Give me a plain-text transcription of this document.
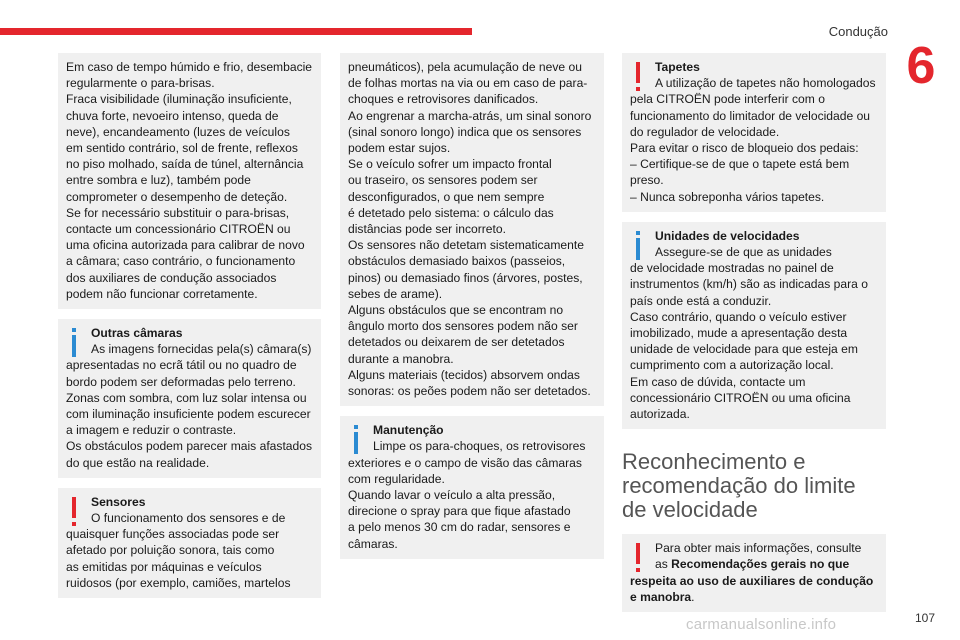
Condução
6
Em caso de tempo húmido e frio, desembacie
regularmente o para-brisas.
Fraca visibilidade (iluminação insuficiente,
chuva forte, nevoeiro intenso, queda de
neve), encandeamento (luzes de veículos
em sentido contrário, sol de frente, reflexos
no piso molhado, saída de túnel, alternância
entre sombra e luz), também pode
comprometer o desempenho de deteção.
Se for necessário substituir o para-brisas,
contacte um concessionário CITROËN ou
uma oficina autorizada para calibrar de novo
a câmara; caso contrário, o funcionamento
dos auxiliares de condução associados
podem não funcionar corretamente.
Outras câmaras
As imagens fornecidas pela(s) câmara(s)
apresentadas no ecrã tátil ou no quadro de
bordo podem ser deformadas pelo terreno.
Zonas com sombra, com luz solar intensa ou
com iluminação insuficiente podem escurecer
a imagem e reduzir o contraste.
Os obstáculos podem parecer mais afastados
do que estão na realidade.
Sensores
O funcionamento dos sensores e de
quaisquer funções associadas pode ser
afetado por poluição sonora, tais como
as emitidas por máquinas e veículos
ruidosos (por exemplo, camiões, martelos
pneumáticos), pela acumulação de neve ou
de folhas mortas na via ou em caso de para-
choques e retrovisores danificados.
Ao engrenar a marcha-atrás, um sinal sonoro
(sinal sonoro longo) indica que os sensores
podem estar sujos.
Se o veículo sofrer um impacto frontal
ou traseiro, os sensores podem ser
desconfigurados, o que nem sempre
é detetado pelo sistema: o cálculo das
distâncias pode ser incorreto.
Os sensores não detetam sistematicamente
obstáculos demasiado baixos (passeios,
pinos) ou demasiado finos (árvores, postes,
sebes de arame).
Alguns obstáculos que se encontram no
ângulo morto dos sensores podem não ser
detetados ou deixarem de ser detetados
durante a manobra.
Alguns materiais (tecidos) absorvem ondas
sonoras: os peões podem não ser detetados.
Manutenção
Limpe os para-choques, os retrovisores
exteriores e o campo de visão das câmaras
com regularidade.
Quando lavar o veículo a alta pressão,
direcione o spray para que fique afastado
a pelo menos 30 cm do radar, sensores e
câmaras.
Tapetes
A utilização de tapetes não homologados
pela CITROËN pode interferir com o
funcionamento do limitador de velocidade ou
do regulador de velocidade.
Para evitar o risco de bloqueio dos pedais:
– Certifique-se de que o tapete está bem
preso.
– Nunca sobreponha vários tapetes.
Unidades de velocidades
Assegure-se de que as unidades
de velocidade mostradas no painel de
instrumentos (km/h) são as indicadas para o
país onde está a conduzir.
Caso contrário, quando o veículo estiver
imobilizado, mude a apresentação desta
unidade de velocidade para que esteja em
cumprimento com a autorização local.
Em caso de dúvida, contacte um
concessionário CITROËN ou uma oficina
autorizada.
Reconhecimento e
recomendação do limite
de velocidade
Para obter mais informações, consulte
as Recomendações gerais no que
respeita ao uso de auxiliares de condução
e manobra.
107
carmanualsonline.info
